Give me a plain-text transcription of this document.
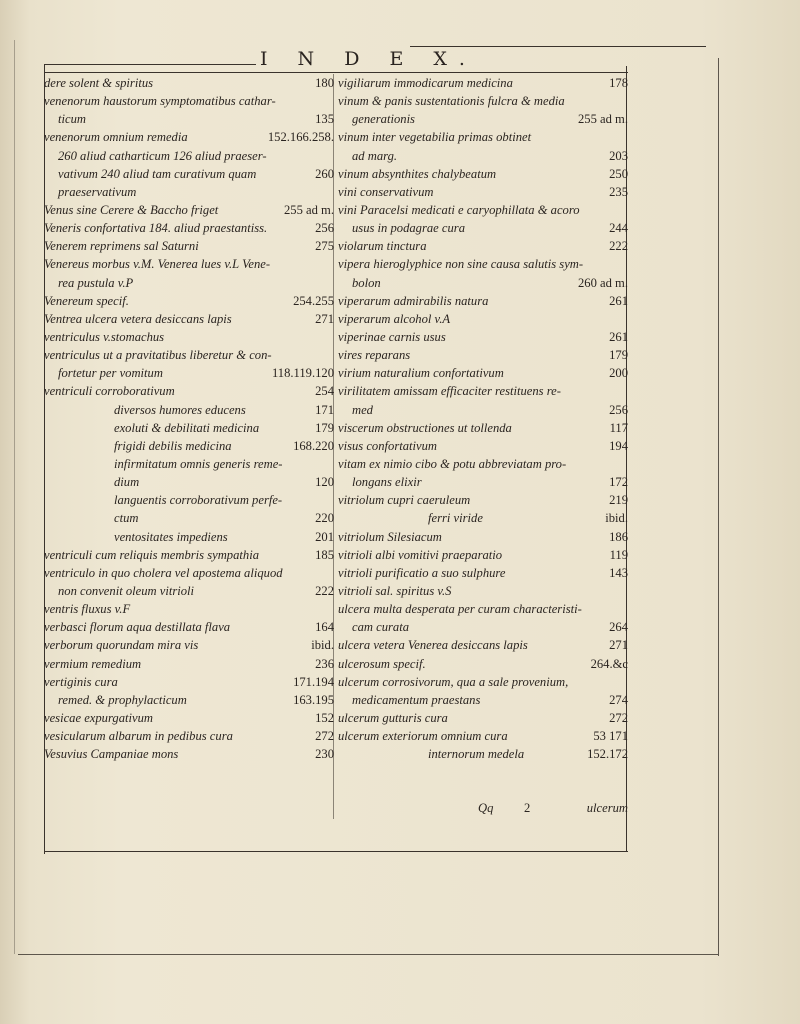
I N D E X.
dere solent & spiritus	180
venenorum haustorum symptomatibus cathar-
ticum	135
venenorum omnium remedia	152.166.258.
260 aliud catharticum 126 aliud praeser-
vativum 240 aliud tam curativum quam	260
praeservativum
Venus sine Cerere & Baccho friget	255 ad m.
Veneris confortativa 184. aliud praestantiss.	256
Venerem reprimens sal Saturni	275
Venereus morbus v.M. Venerea lues v.L Vene-
rea pustula v.P
Venereum specif.	254.255
Ventrea ulcera vetera desiccans lapis	271
ventriculus v.stomachus
ventriculus ut a pravitatibus liberetur & con-
fortetur per vomitum	118.119.120
ventriculi corroborativum	254
diversos humores educens	171
exoluti & debilitati medicina	179
frigidi debilis medicina	168.220
infirmitatum omnis generis reme-
dium	120
languentis corroborativum perfe-
ctum	220
ventositates impediens	201
ventriculi cum reliquis membris sympathia	185
ventriculo in quo cholera vel apostema aliquod
non convenit oleum vitrioli	222
ventris fluxus v.F
verbasci florum aqua destillata flava	164
verborum quorundam mira vis	ibid.
vermium remedium	236
vertiginis cura	171.194
remed. & prophylacticum	163.195
vesicae expurgativum	152
vesicularum albarum in pedibus cura	272
Vesuvius Campaniae mons	230
vigiliarum immodicarum medicina	178
vinum & panis sustentationis fulcra & media
generationis	255 ad m.
vinum inter vegetabilia primas obtinet
ad marg.	203
vinum absynthites chalybeatum	250
vini conservativum	235
vini Paracelsi medicati e caryophillata & acoro
usus in podagrae cura	244
violarum tinctura	222
vipera hieroglyphice non sine causa salutis sym-
bolon	260 ad m.
viperarum admirabilis natura	261
viperarum alcohol v.A
viperinae carnis usus	261
vires reparans	179
virium naturalium confortativum	200
virilitatem amissam efficaciter restituens re-
med	256
viscerum obstructiones ut tollenda	117
visus confortativum	194
vitam ex nimio cibo & potu abbreviatam pro-
longans elixir	172
vitriolum cupri caeruleum	219
ferri viride	ibid.
vitriolum Silesiacum	186
vitrioli albi vomitivi praeparatio	119
vitrioli purificatio a suo sulphure	143
vitrioli sal. spiritus v.S
ulcera multa desperata per curam characteristi-
cam curata	264
ulcera vetera Venerea desiccans lapis	271
ulcerosum specif.	264.&c
ulcerum corrosivorum, qua a sale provenium,
medicamentum praestans	274
ulcerum gutturis cura	272
ulcerum exteriorum omnium cura	53 171
internorum medela	152.172
Qq 2	ulcerum
